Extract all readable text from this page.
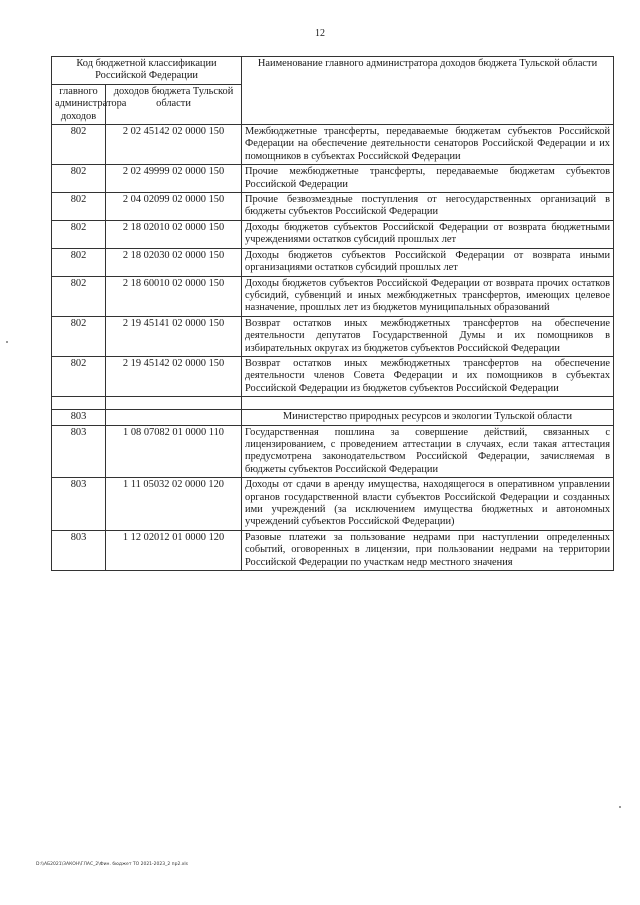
12
Код бюджетной классификации Российской Федерации		Наименование главного администратора доходов бюджета Тульской области
главного администратора доходов	доходов бюджета Тульской области	
802	2 02 45142 02 0000 150	Межбюджетные трансферты, передаваемые бюджетам субъектов Российской Федерации на обеспечение деятельности сенаторов Российской Федерации и их помощников в субъектах Российской Федерации
802	2 02 49999 02 0000 150	Прочие межбюджетные трансферты, передаваемые бюджетам субъектов Российской Федерации
802	2 04 02099 02 0000 150	Прочие безвозмездные поступления от негосударственных организаций в бюджеты субъектов Российской Федерации
802	2 18 02010 02 0000 150	Доходы бюджетов субъектов Российской Федерации от возврата бюджетными учреждениями остатков субсидий прошлых лет
802	2 18 02030 02 0000 150	Доходы бюджетов субъектов Российской Федерации от возврата иными организациями остатков субсидий прошлых лет
802	2 18 60010 02 0000 150	Доходы бюджетов субъектов Российской Федерации от возврата прочих остатков субсидий, субвенций и иных межбюджетных трансфертов, имеющих целевое назначение, прошлых лет из бюджетов муниципальных образований
802	2 19 45141 02 0000 150	Возврат остатков иных межбюджетных трансфертов на обеспечение деятельности депутатов Государственной Думы и их помощников в избирательных округах из бюджетов субъектов Российской Федерации
802	2 19 45142 02 0000 150	Возврат остатков иных межбюджетных трансфертов на обеспечение деятельности членов Совета Федерации и их помощников в субъектах Российской Федерации из бюджетов субъектов Российской Федерации

803		Министерство природных ресурсов и экологии Тульской области
803	1 08 07082 01 0000 110	Государственная пошлина за совершение действий, связанных с лицензированием, с проведением аттестации в случаях, если такая аттестация предусмотрена законодательством Российской Федерации, зачисляемая в бюджеты субъектов Российской Федерации
803	1 11 05032 02 0000 120	Доходы от сдачи в аренду имущества, находящегося в оперативном управлении органов государственной власти субъектов Российской Федерации и созданных ими учреждений (за исключением имущества бюджетных и автономных учреждений субъектов Российской Федерации)
803	1 12 02012 01 0000 120	Разовые платежи за пользование недрами при наступлении определенных событий, оговоренных в лицензии, при пользовании недрами на территории Российской Федерации по участкам недр местного значения
D:\\АБ2021\ЗАКОН\ГЛАС_2\Фин. бюджет ТО 2021-2023_2 пр2.xls
